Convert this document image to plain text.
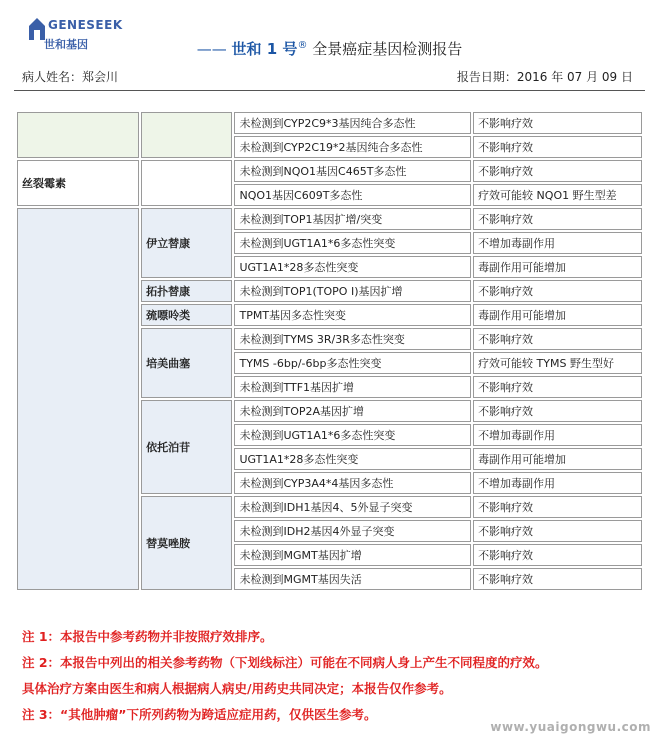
GENESEEK
世和基因	—— 世和 1 号® 全景癌症基因检测报告
病人姓名：郑会川	报告日期：2016 年 07 月 09 日
		未检测到CYP2C9*3基因纯合多态性	不影响疗效
		未检测到CYP2C19*2基因纯合多态性	不影响疗效
丝裂霉素		未检测到NQO1基因C465T多态性	不影响疗效
		NQO1基因C609T多态性	疗效可能较 NQO1 野生型差
	伊立替康	未检测到TOP1基因扩增/突变	不影响疗效
		未检测到UGT1A1*6多态性突变	不增加毒副作用
		UGT1A1*28多态性突变	毒副作用可能增加
	拓扑替康	未检测到TOP1(TOPO I)基因扩增	不影响疗效
	巯嘌呤类	TPMT基因多态性突变	毒副作用可能增加
	培美曲塞	未检测到TYMS 3R/3R多态性突变	不影响疗效
		TYMS -6bp/-6bp多态性突变	疗效可能较 TYMS 野生型好
		未检测到TTF1基因扩增	不影响疗效
	依托泊苷	未检测到TOP2A基因扩增	不影响疗效
		未检测到UGT1A1*6多态性突变	不增加毒副作用
		UGT1A1*28多态性突变	毒副作用可能增加
		未检测到CYP3A4*4基因多态性	不增加毒副作用
	替莫唑胺	未检测到IDH1基因4、5外显子突变	不影响疗效
		未检测到IDH2基因4外显子突变	不影响疗效
		未检测到MGMT基因扩增	不影响疗效
		未检测到MGMT基因失活	不影响疗效
注 1：本报告中参考药物并非按照疗效排序。
注 2：本报告中列出的相关参考药物（下划线标注）可能在不同病人身上产生不同程度的疗效。
具体治疗方案由医生和病人根据病人病史/用药史共同决定；本报告仅作参考。
注 3：“其他肿瘤”下所列药物为跨适应症用药，仅供医生参考。
www.yuaigongwu.com
